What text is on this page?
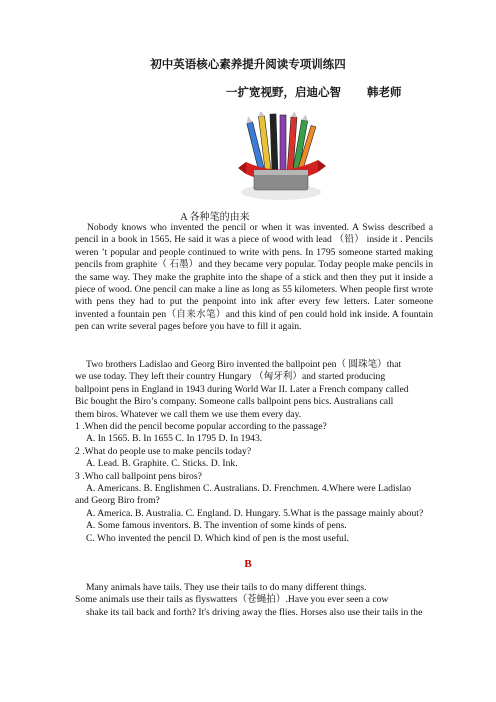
初中英语核心素养提升阅读专项训练四
一扩宽视野，启迪心智 韩老师
A 各种笔的由来
Nobody knows who invented the pencil or when it was invented. A Swiss described a pencil in a book in 1565. He said it was a piece of wood with lead （铅） inside it . Pencils weren ’t popular and people continued to write with pens. In 1795 someone started making pencils from graphite（ 石墨）and they became very popular. Today people make pencils in the same way. They make the graphite into the shape of a stick and then they put it inside a piece of wood. One pencil can make a line as long as 55 kilometers. When people first wrote with pens they had to put the penpoint into ink after every few letters. Later someone invented a fountain pen（自来水笔）and this kind of pen could hold ink inside. A fountain pen can write several pages before you have to fill it again.
Two brothers Ladislao and Georg Biro invented the ballpoint pen（ 圆珠笔）that
we use today. They left their country Hungary （匈牙利）and started producing
ballpoint pens in England in 1943 during World War II. Later a French company called
Bic bought the Biro’s company. Someone calls ballpoint pens bics. Australians call
them biros. Whatever we call them we use them every day.
1 .When did the pencil become popular according to the passage?
A. In 1565. B. In 1655 C. In 1795 D. In 1943.
2 .What do people use to make pencils today?
A. Lead. B. Graphite. C. Sticks. D. Ink.
3 .Who call ballpoint pens biros?
A. Americans. B. Englishmen C. Australians. D. Frenchmen. 4.Where were Ladislao
and Georg Biro from?
A. America. B. Australia. C. England. D. Hungary. 5.What is the passage mainly about?
A. Some famous inventors. B. The invention of some kinds of pens.
C. Who invented the pencil D. Which kind of pen is the most useful.
B
Many animals have tails. They use their tails to do many different things.
Some animals use their tails as flyswatters（苍蝇拍）.Have you ever seen a cow
shake its tail back and forth? It's driving away the flies. Horses also use their tails in the
